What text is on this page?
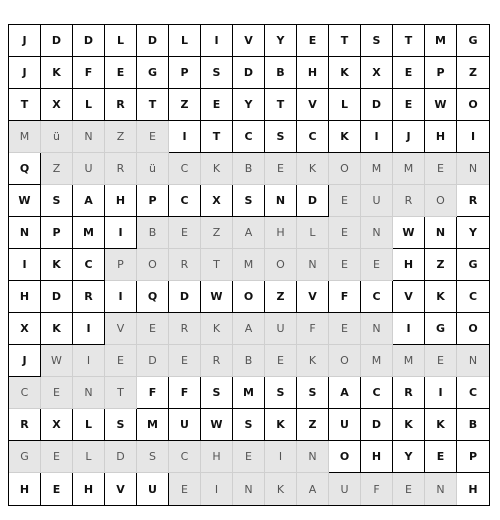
J	D	D	L	D	L	I	V	Y	E	T	S	T	M	G
J	K	F	E	G	P	S	D	B	H	K	X	E	P	Z
T	X	L	R	T	Z	E	Y	T	V	L	D	E	W	O
M	ü	N	Z	E	I	T	C	S	C	K	I	J	H	I
Q	Z	U	R	ü	C	K	B	E	K	O	M	M	E	N
W	S	A	H	P	C	X	S	N	D	E	U	R	O	R
N	P	M	I	B	E	Z	A	H	L	E	N	W	N	Y
I	K	C	P	O	R	T	M	O	N	E	E	H	Z	G
H	D	R	I	Q	D	W	O	Z	V	F	C	V	K	C
X	K	I	V	E	R	K	A	U	F	E	N	I	G	O
J	W	I	E	D	E	R	B	E	K	O	M	M	E	N
C	E	N	T	F	F	S	M	S	S	A	C	R	I	C
R	X	L	S	M	U	W	S	K	Z	U	D	K	K	B
G	E	L	D	S	C	H	E	I	N	O	H	Y	E	P
H	E	H	V	U	E	I	N	K	A	U	F	E	N	H
